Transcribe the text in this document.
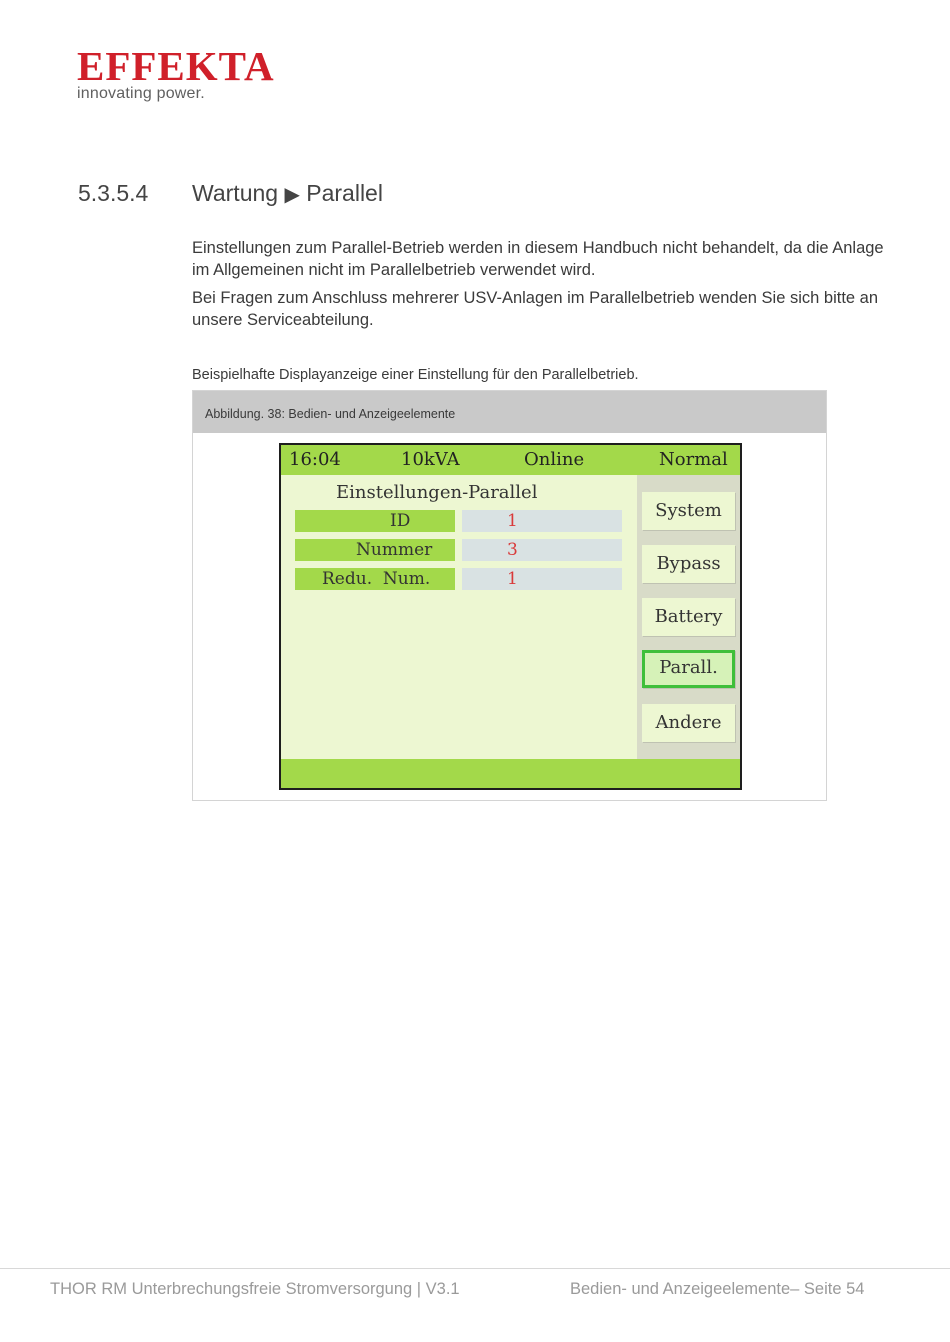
EFFEKTA
innovating power.
5.3.5.4 Wartung ▶ Parallel
Einstellungen zum Parallel-Betrieb werden in diesem Handbuch nicht behandelt, da die Anlage im Allgemeinen nicht im Parallelbetrieb verwendet wird.
Bei Fragen zum Anschluss mehrerer USV-Anlagen im Parallelbetrieb wenden Sie sich bitte an unsere Serviceabteilung.
Beispielhafte Displayanzeige einer Einstellung für den Parallelbetrieb.
Abbildung. 38: Bedien- und Anzeigeelemente
16:04	10kVA	Online	Normal
Einstellungen-Parallel
ID	1
Nummer	3
Redu.  Num.	1
System
Bypass
Battery
Parall.
Andere
THOR RM Unterbrechungsfreie Stromversorgung | V3.1	Bedien- und Anzeigeelemente– Seite 54
